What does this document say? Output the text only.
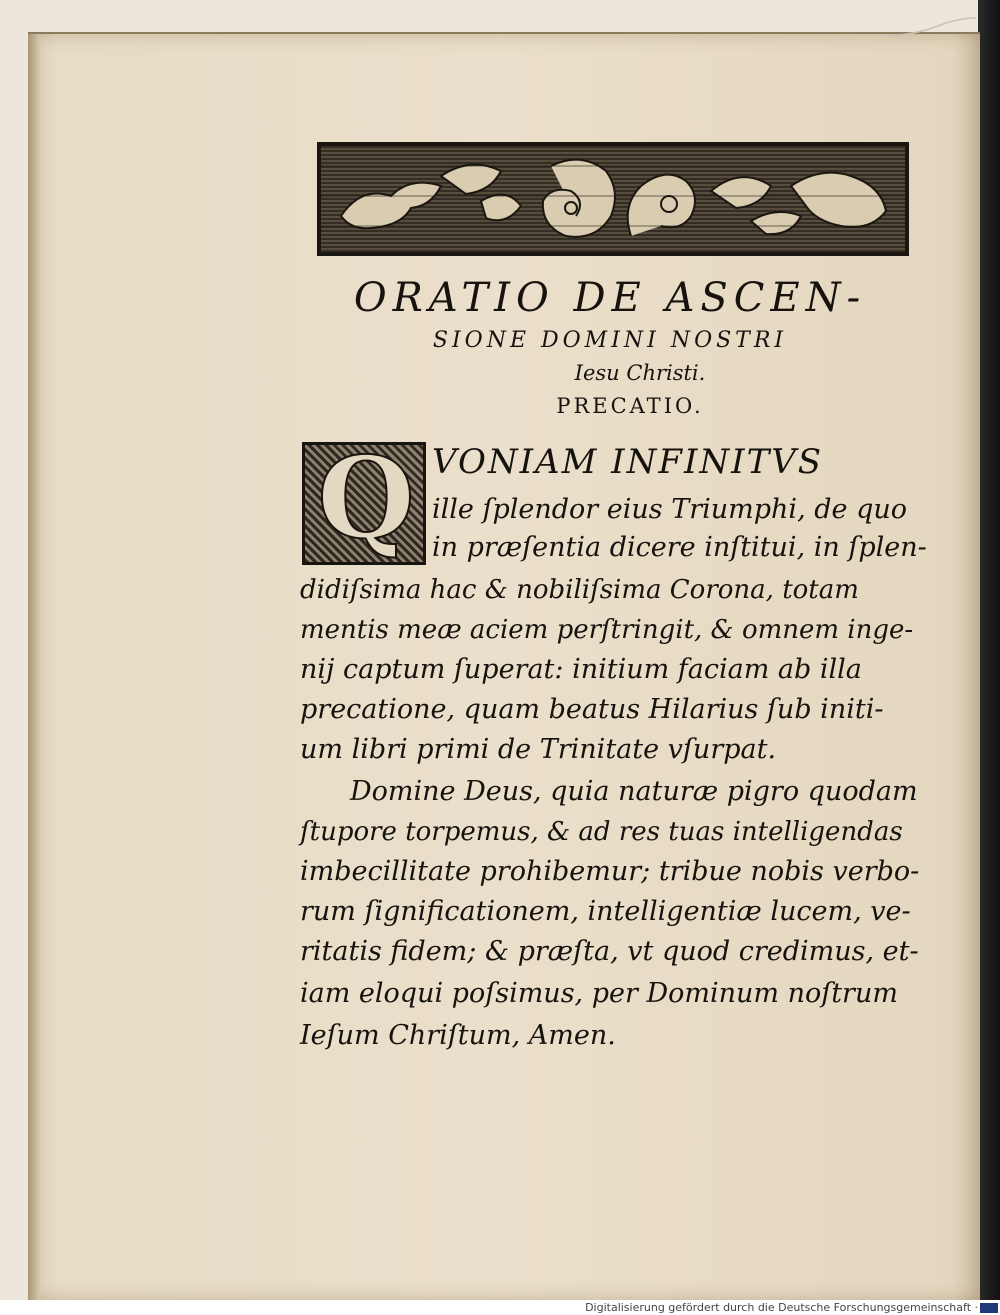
ORATIO DE ASCEN-
SIONE DOMINI NOSTRI
Iesu Christi.
PRECATIO.
Q VONIAM INFINITVS
ille ſplendor eius Triumphi, de quo
in præſentia dicere inſtitui, in ſplen-
didiſsima hac & nobiliſsima Corona, totam
mentis meæ aciem perſtringit, & omnem inge-
nij captum ſuperat: initium faciam ab illa
precatione, quam beatus Hilarius ſub initi-
um libri primi de Trinitate vſurpat.
Domine Deus, quia naturæ pigro quodam
ſtupore torpemus, & ad res tuas intelligendas
imbecillitate prohibemur; tribue nobis verbo-
rum ſignificationem, intelligentiæ lucem, ve-
ritatis fidem; & præſta, vt quod credimus, et-
iam eloqui poſsimus, per Dominum noſtrum
Ieſum Chriſtum, Amen.
Digitalisierung gefördert durch die Deutsche Forschungsgemeinschaft ·
